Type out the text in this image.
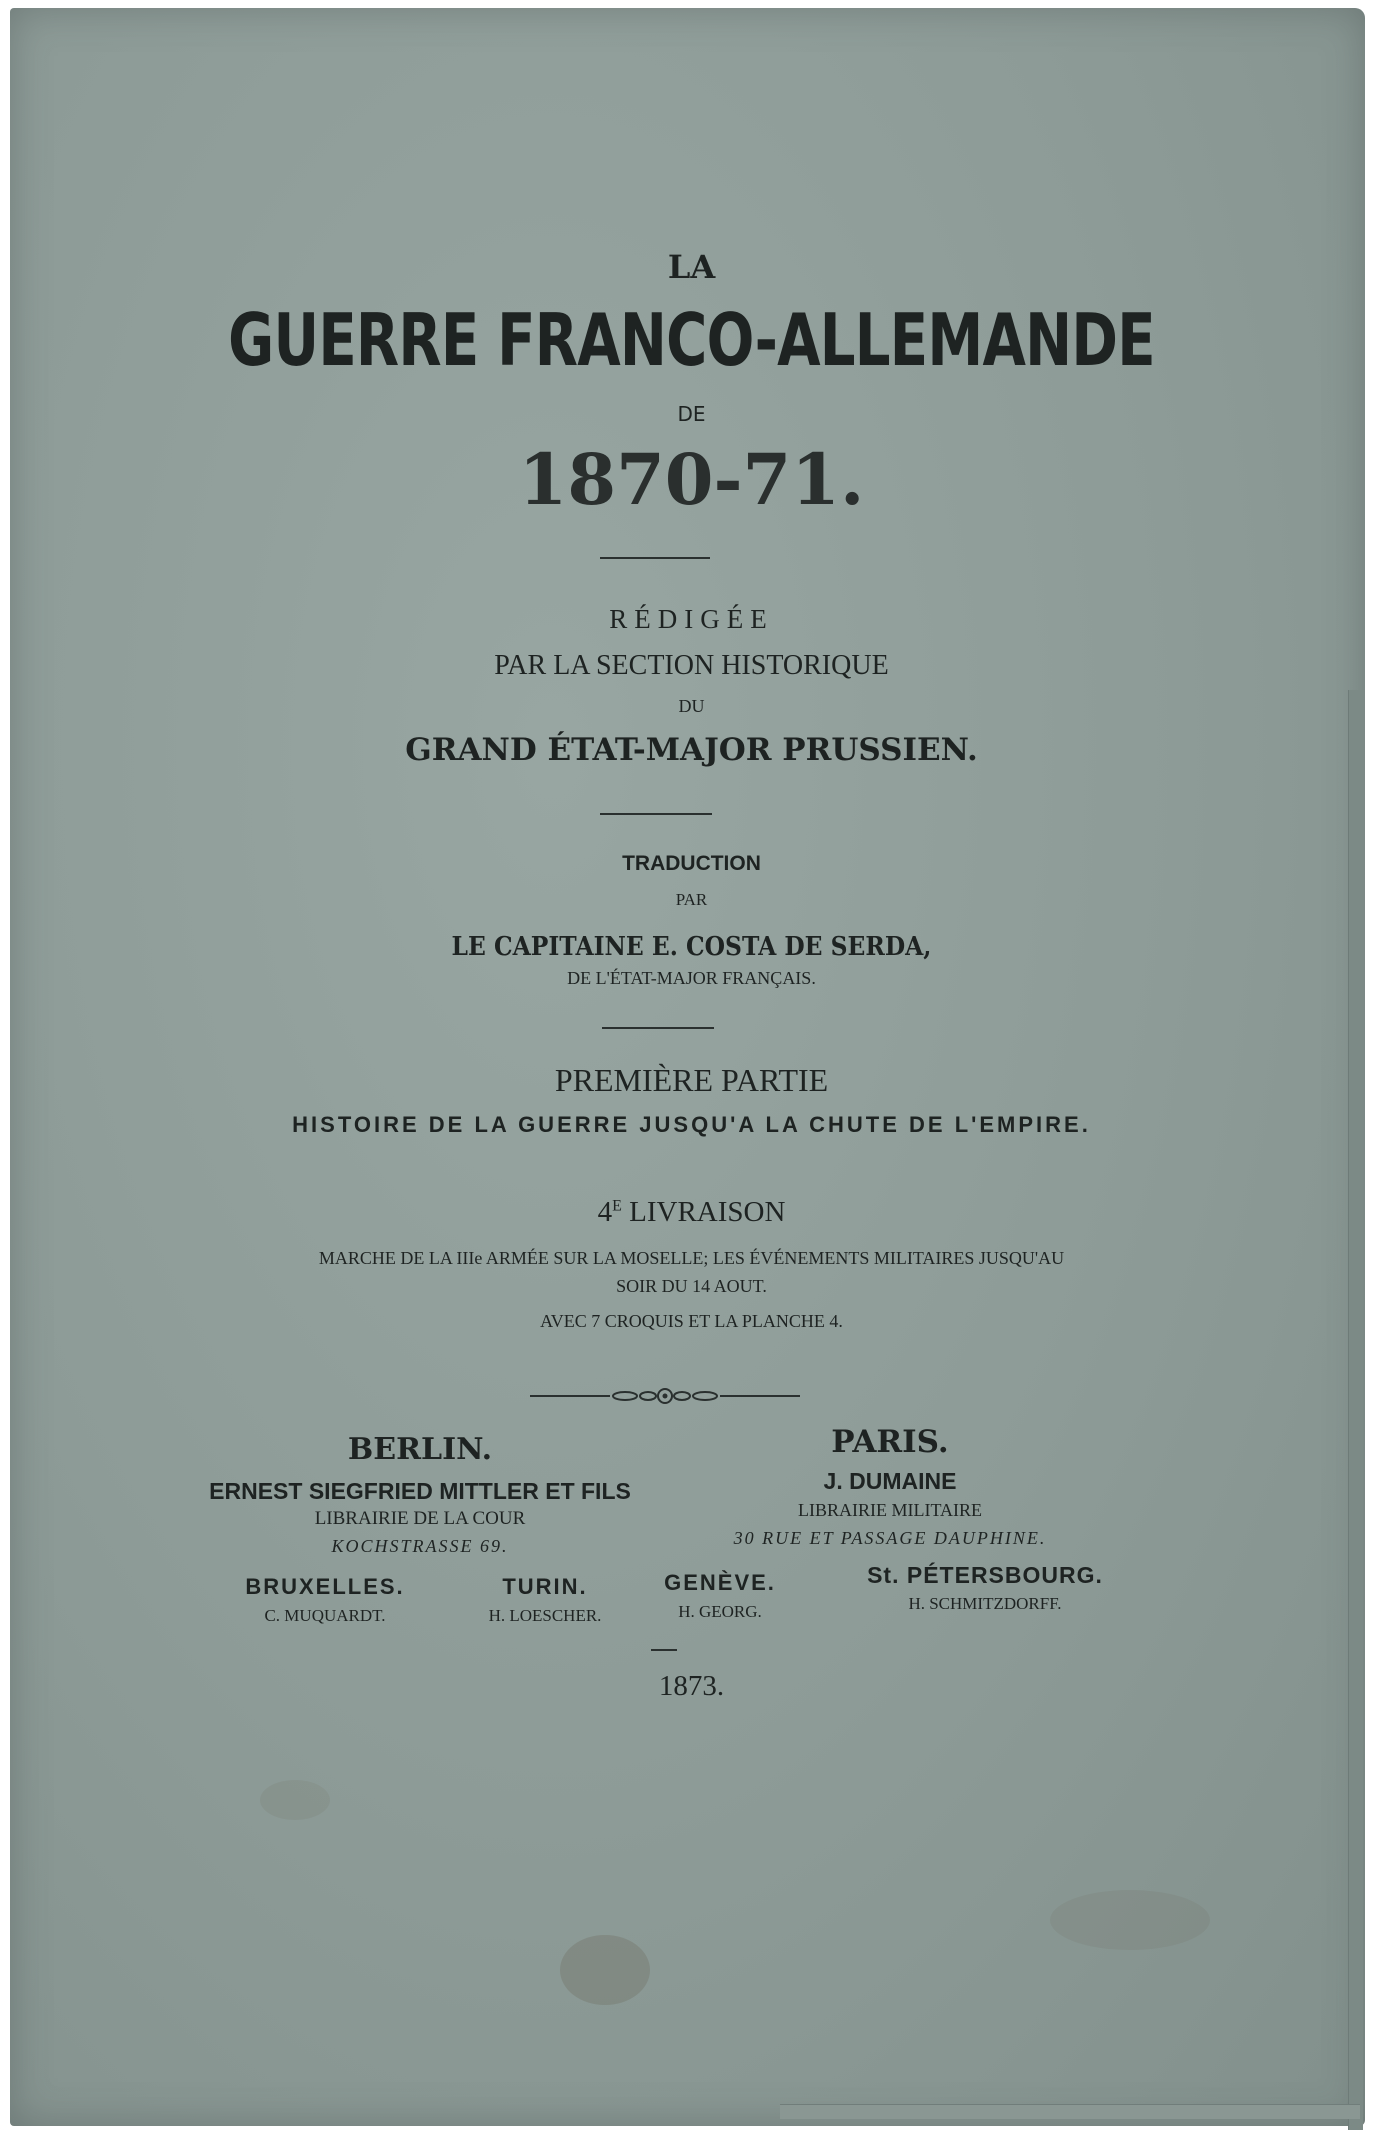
LA
GUERRE FRANCO-ALLEMANDE
DE
1870-71.
RÉDIGÉE
PAR LA SECTION HISTORIQUE
DU
GRAND ÉTAT-MAJOR PRUSSIEN.
TRADUCTION
PAR
LE CAPITAINE E. COSTA DE SERDA,
DE L'ÉTAT-MAJOR FRANÇAIS.
PREMIÈRE PARTIE
HISTOIRE DE LA GUERRE JUSQU'A LA CHUTE DE L'EMPIRE.
$4^E$ LIVRAISON
MARCHE DE LA IIIe ARMÉE SUR LA MOSELLE; LES ÉVÉNEMENTS MILITAIRES JUSQU'AU
SOIR DU 14 AOUT.
AVEC 7 CROQUIS ET LA PLANCHE 4.
BERLIN.
ERNEST SIEGFRIED MITTLER ET FILS
LIBRAIRIE DE LA COUR
KOCHSTRASSE 69.
PARIS.
J. DUMAINE
LIBRAIRIE MILITAIRE
30 RUE ET PASSAGE DAUPHINE.
BRUXELLES.
C. MUQUARDT.
TURIN.
H. LOESCHER.
GENÈVE.
H. GEORG.
St. PÉTERSBOURG.
H. SCHMITZDORFF.
1873.
